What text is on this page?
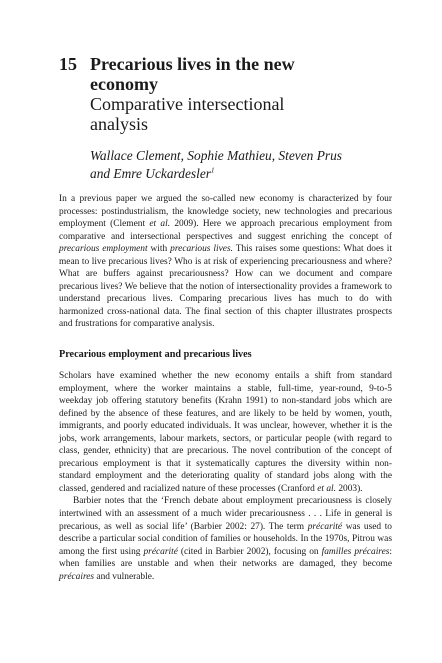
15 Precarious lives in the new
economy
Comparative intersectional
analysis
Wallace Clement, Sophie Mathieu, Steven Prus
and Emre Uckardesler$^1$

In a previous paper we argued the so-called new economy is characterized by four processes: postindustrialism, the knowledge society, new technologies and precarious employment (Clement et al. 2009). Here we approach precarious employment from comparative and intersectional perspectives and suggest enriching the concept of precarious employment with precarious lives. This raises some questions: What does it mean to live precarious lives? Who is at risk of experiencing precariousness and where? What are buffers against precariousness? How can we document and compare precarious lives? We believe that the notion of intersectionality provides a framework to understand precarious lives. Comparing precarious lives has much to do with harmonized cross-national data. The final section of this chapter illustrates prospects and frustrations for comparative analysis.

Precarious employment and precarious lives

Scholars have examined whether the new economy entails a shift from standard employment, where the worker maintains a stable, full-time, year-round, 9-to-5 weekday job offering statutory benefits (Krahn 1991) to non-standard jobs which are defined by the absence of these features, and are likely to be held by women, youth, immigrants, and poorly educated individuals. It was unclear, however, whether it is the jobs, work arrangements, labour markets, sectors, or particular people (with regard to class, gender, ethnicity) that are precarious. The novel contribution of the concept of precarious employment is that it systematically captures the diversity within non-standard employment and the deteriorating quality of standard jobs along with the classed, gendered and racialized nature of these processes (Cranford et al. 2003).

Barbier notes that the ‘French debate about employment precariousness is closely intertwined with an assessment of a much wider precariousness . . . Life in general is precarious, as well as social life’ (Barbier 2002: 27). The term précarité was used to describe a particular social condition of families or households. In the 1970s, Pitrou was among the first using précarité (cited in Barbier 2002), focusing on familles précaires: when families are unstable and when their networks are damaged, they become précaires and vulnerable.
